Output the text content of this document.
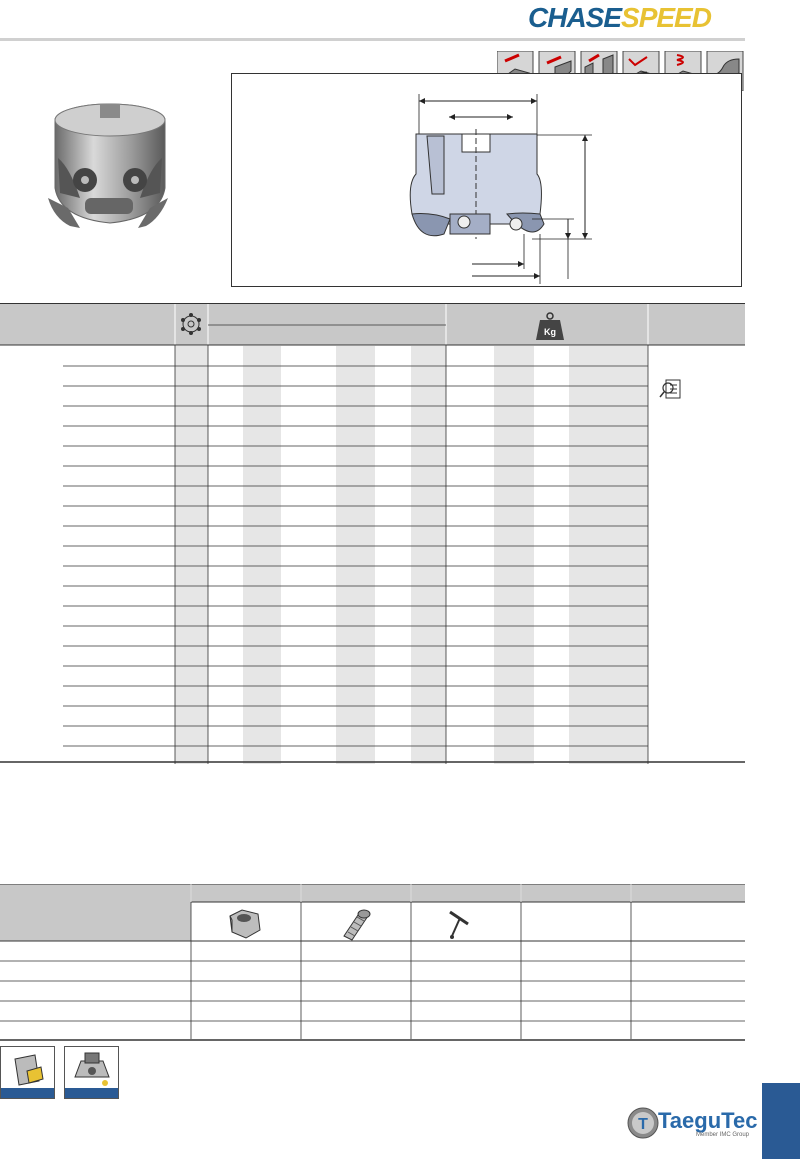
CHASESPEED
Kg
T TaeguTec
Member IMC Group
